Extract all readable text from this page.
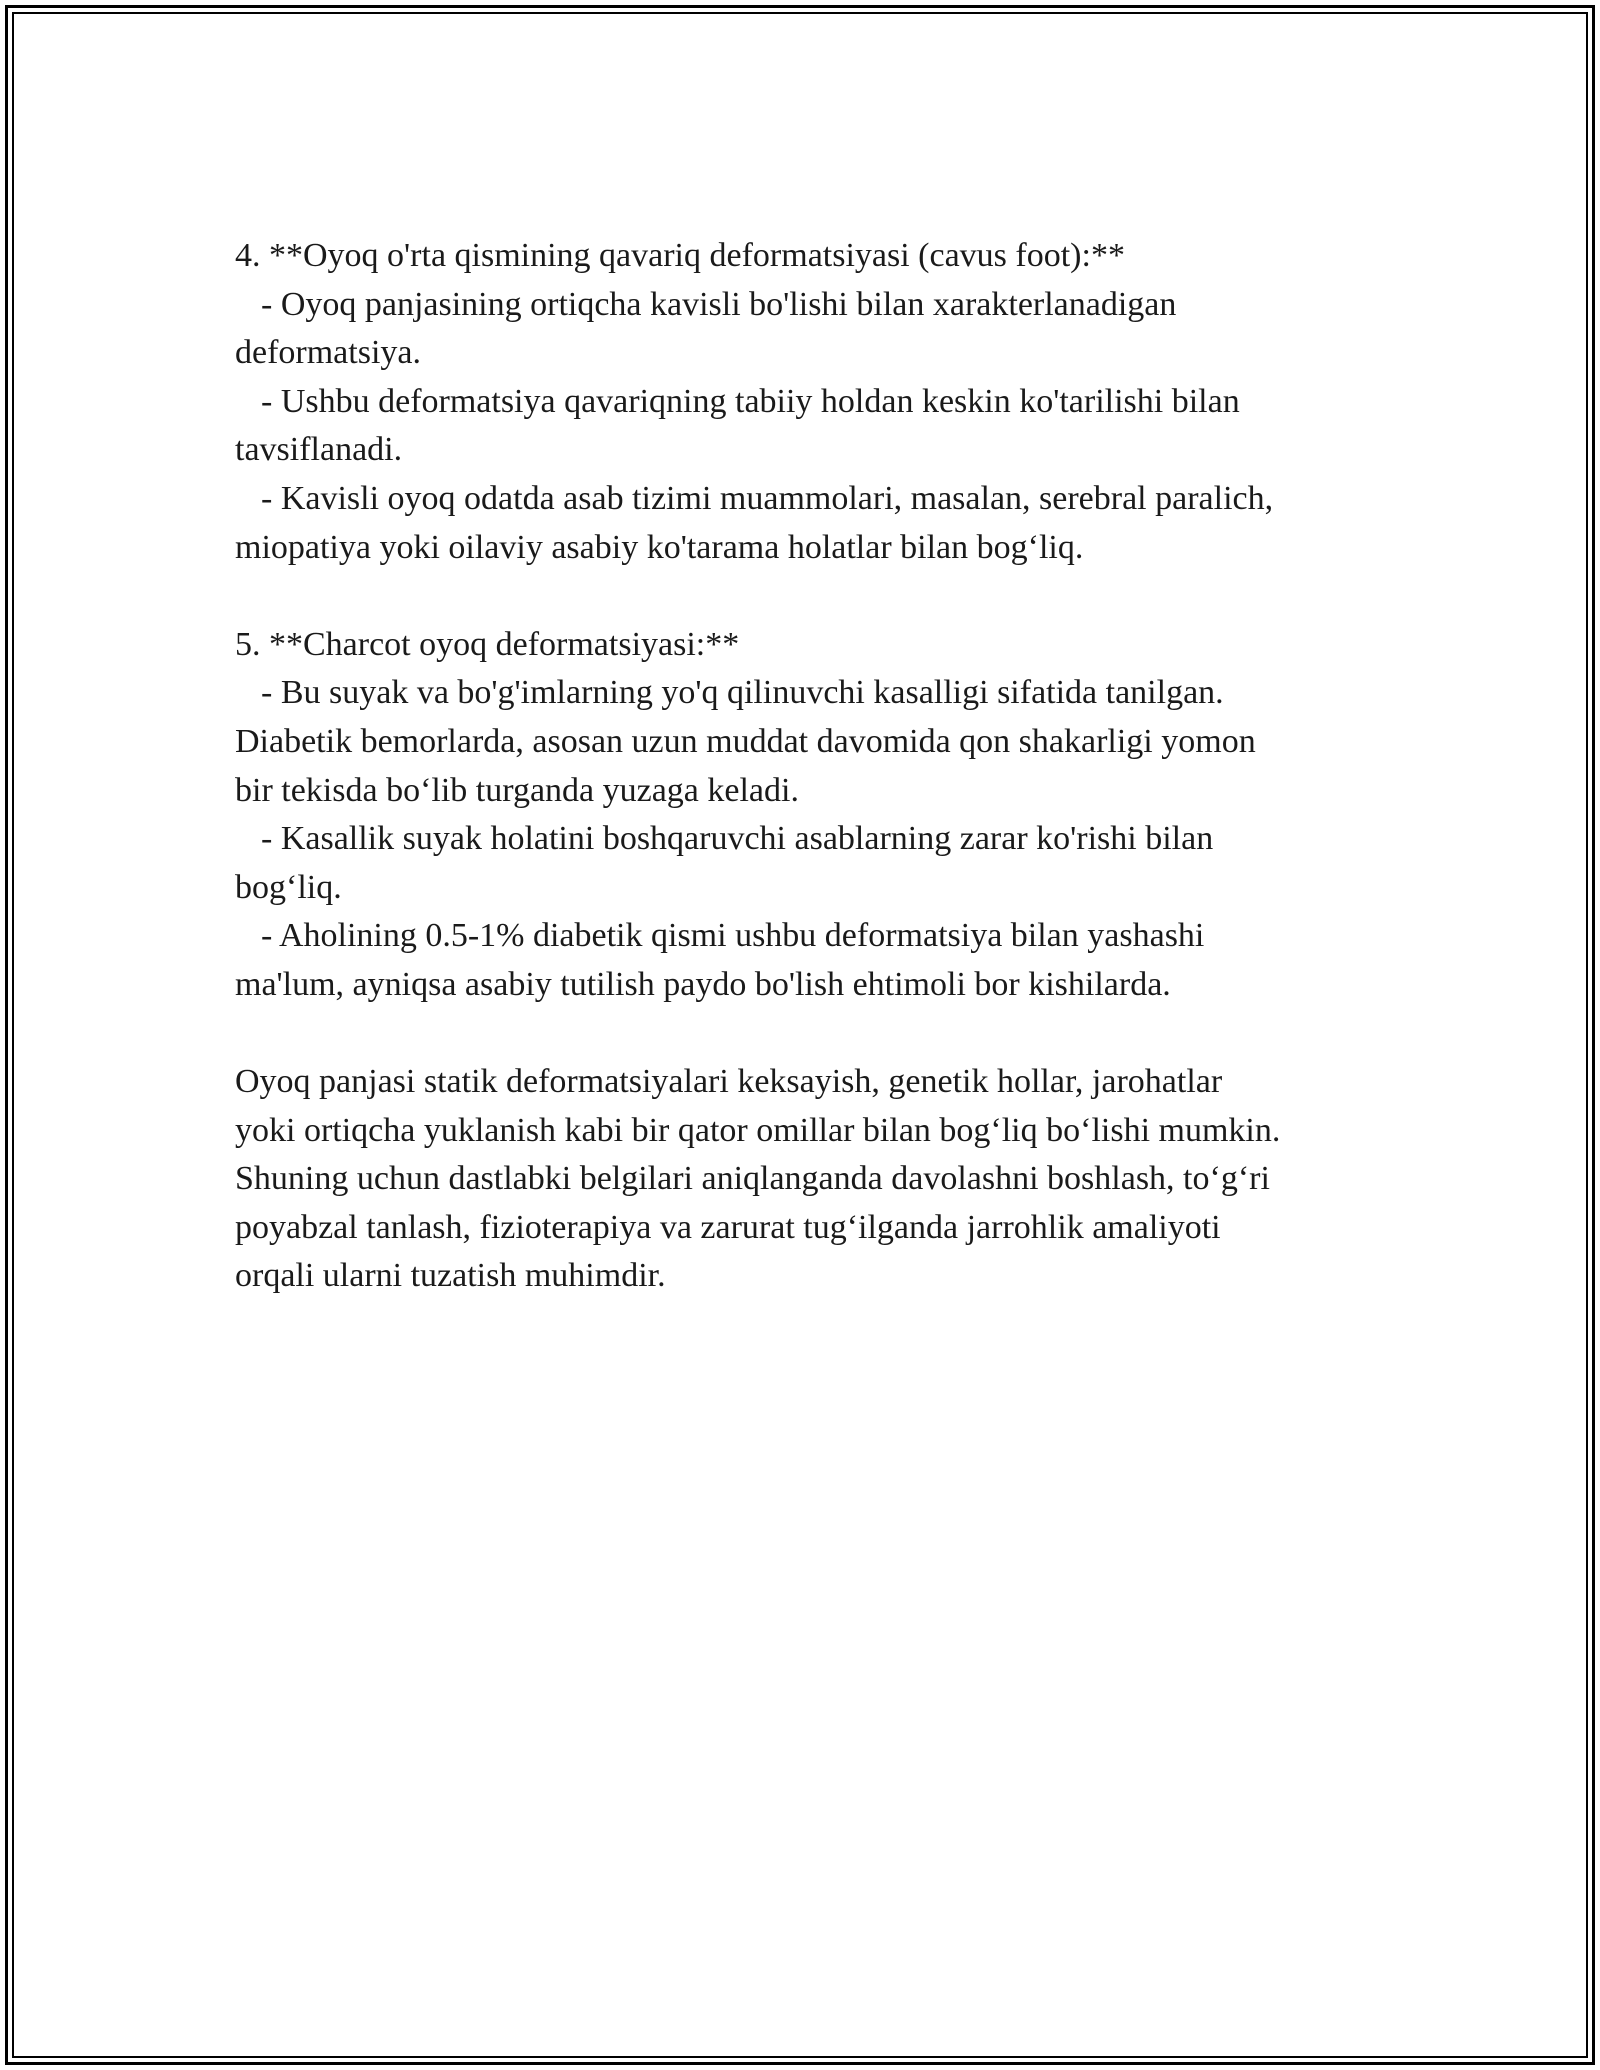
4. **Oyoq o'rta qismining qavariq deformatsiyasi (cavus foot):**
- Oyoq panjasining ortiqcha kavisli bo'lishi bilan xarakterlanadigan
deformatsiya.
- Ushbu deformatsiya qavariqning tabiiy holdan keskin ko'tarilishi bilan
tavsiflanadi.
- Kavisli oyoq odatda asab tizimi muammolari, masalan, serebral paralich,
miopatiya yoki oilaviy asabiy ko'tarama holatlar bilan bog‘liq.
5. **Charcot oyoq deformatsiyasi:**
- Bu suyak va bo'g'imlarning yo'q qilinuvchi kasalligi sifatida tanilgan.
Diabetik bemorlarda, asosan uzun muddat davomida qon shakarligi yomon
bir tekisda bo‘lib turganda yuzaga keladi.
- Kasallik suyak holatini boshqaruvchi asablarning zarar ko'rishi bilan
bog‘liq.
- Aholining 0.5-1% diabetik qismi ushbu deformatsiya bilan yashashi
ma'lum, ayniqsa asabiy tutilish paydo bo'lish ehtimoli bor kishilarda.
Oyoq panjasi statik deformatsiyalari keksayish, genetik hollar, jarohatlar
yoki ortiqcha yuklanish kabi bir qator omillar bilan bog‘liq bo‘lishi mumkin.
Shuning uchun dastlabki belgilari aniqlanganda davolashni boshlash, to‘g‘ri
poyabzal tanlash, fizioterapiya va zarurat tug‘ilganda jarrohlik amaliyoti
orqali ularni tuzatish muhimdir.
